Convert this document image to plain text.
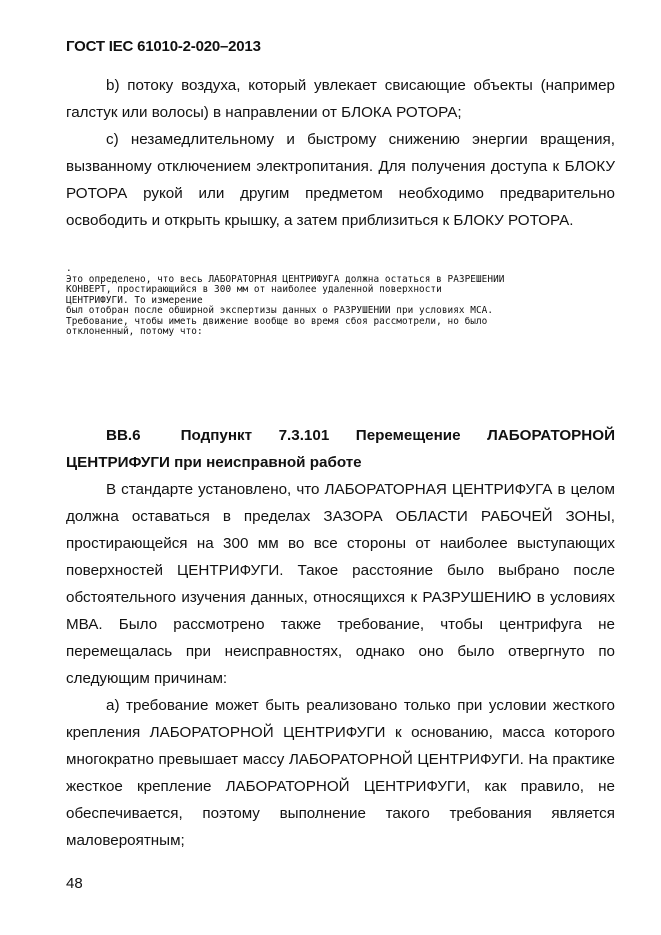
ГОСТ IEC 61010-2-020–2013

b) потоку воздуха, который увлекает свисающие объекты (например галстук или волосы) в направлении от БЛОКА РОТОРА;

c) незамедлительному и быстрому снижению энергии вращения, вызванному отключением электропитания. Для получения доступа к БЛОКУ РОТОРА рукой или другим предметом необходимо предварительно освободить и открыть крышку, а затем приблизиться к БЛОКУ РОТОРА.

.
Это определено, что весь ЛАБОРАТОРНАЯ ЦЕНТРИФУГА должна остаться в РАЗРЕШЕНИИ
КОНВЕРТ, простирающийся в 300 мм от наиболее удаленной поверхности
ЦЕНТРИФУГИ. То измерение
был отобран после обширной экспертизы данных о РАЗРУШЕНИИ при условиях МСА.
Требование, чтобы иметь движение вообще во время сбоя рассмотрели, но было
отклоненный, потому что:

ВВ.6	Подпункт 7.3.101 Перемещение ЛАБОРАТОРНОЙ ЦЕНТРИФУГИ при неисправной работе

В стандарте установлено, что ЛАБОРАТОРНАЯ ЦЕНТРИФУГА в целом должна оставаться в пределах ЗАЗОРА ОБЛАСТИ РАБОЧЕЙ ЗОНЫ, простирающейся на 300 мм во все стороны от наиболее выступающих поверхностей ЦЕНТРИФУГИ. Такое расстояние было выбрано после обстоятельного изучения данных, относящихся к РАЗРУШЕНИЮ в условиях МВА. Было рассмотрено также требование, чтобы центрифуга не перемещалась при неисправностях, однако оно было отвергнуто по следующим причинам:

a) требование может быть реализовано только при условии жесткого крепления ЛАБОРАТОРНОЙ ЦЕНТРИФУГИ к основанию, масса которого многократно превышает массу ЛАБОРАТОРНОЙ ЦЕНТРИФУГИ. На практике жесткое крепление ЛАБОРАТОРНОЙ ЦЕНТРИФУГИ, как правило, не обеспечивается, поэтому выполнение такого требования является маловероятным;

48
